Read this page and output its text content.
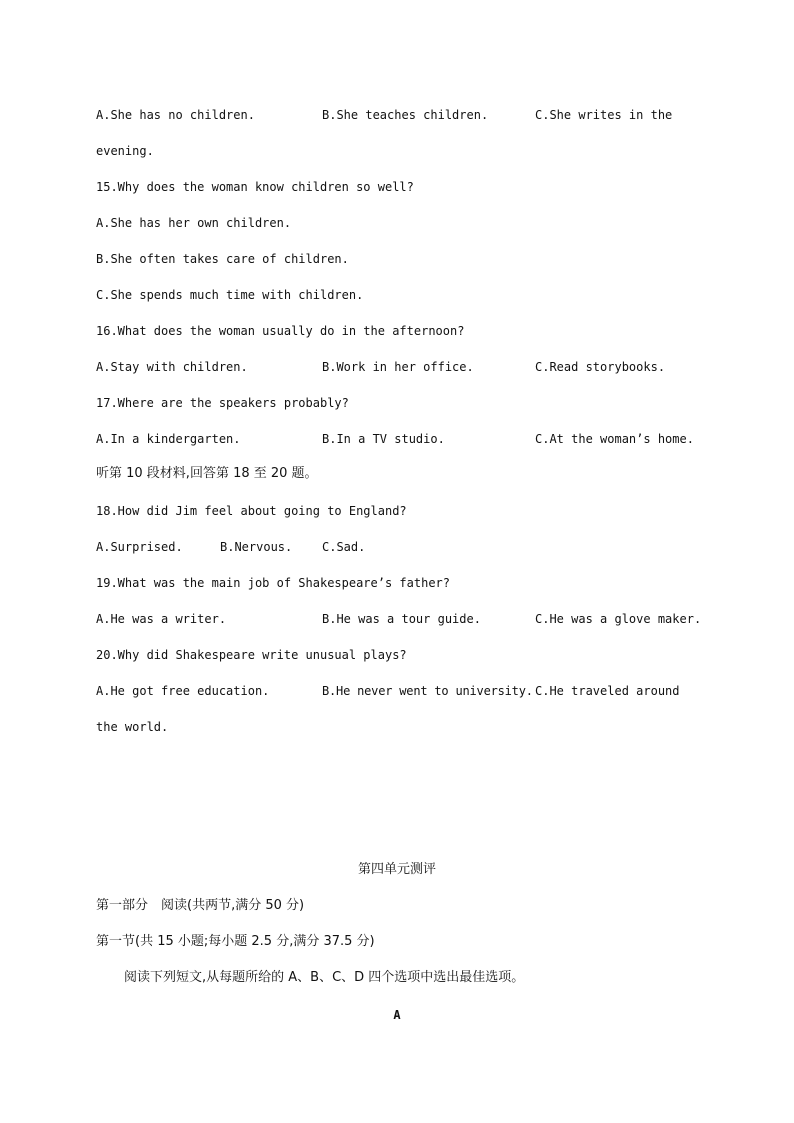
A.She has no children.	B.She teaches children.	C.She writes in the
evening.
15.Why does the woman know children so well?
A.She has her own children.
B.She often takes care of children.
C.She spends much time with children.
16.What does the woman usually do in the afternoon?
A.Stay with children.	B.Work in her office.	C.Read storybooks.
17.Where are the speakers probably?
A.In a kindergarten.	B.In a TV studio.	C.At the woman’s home.
听第 10 段材料,回答第 18 至 20 题。
18.How did Jim feel about going to England?
A.Surprised.	B.Nervous. C.Sad.
19.What was the main job of Shakespeare’s father?
A.He was a writer.	B.He was a tour guide.	C.He was a glove maker.
20.Why did Shakespeare write unusual plays?
A.He got free education.	B.He never went to university. C.He traveled around
the world.
第四单元测评
第一部分　阅读(共两节,满分 50 分)
第一节(共 15 小题;每小题 2.5 分,满分 37.5 分)
阅读下列短文,从每题所给的 A、B、C、D 四个选项中选出最佳选项。
A
